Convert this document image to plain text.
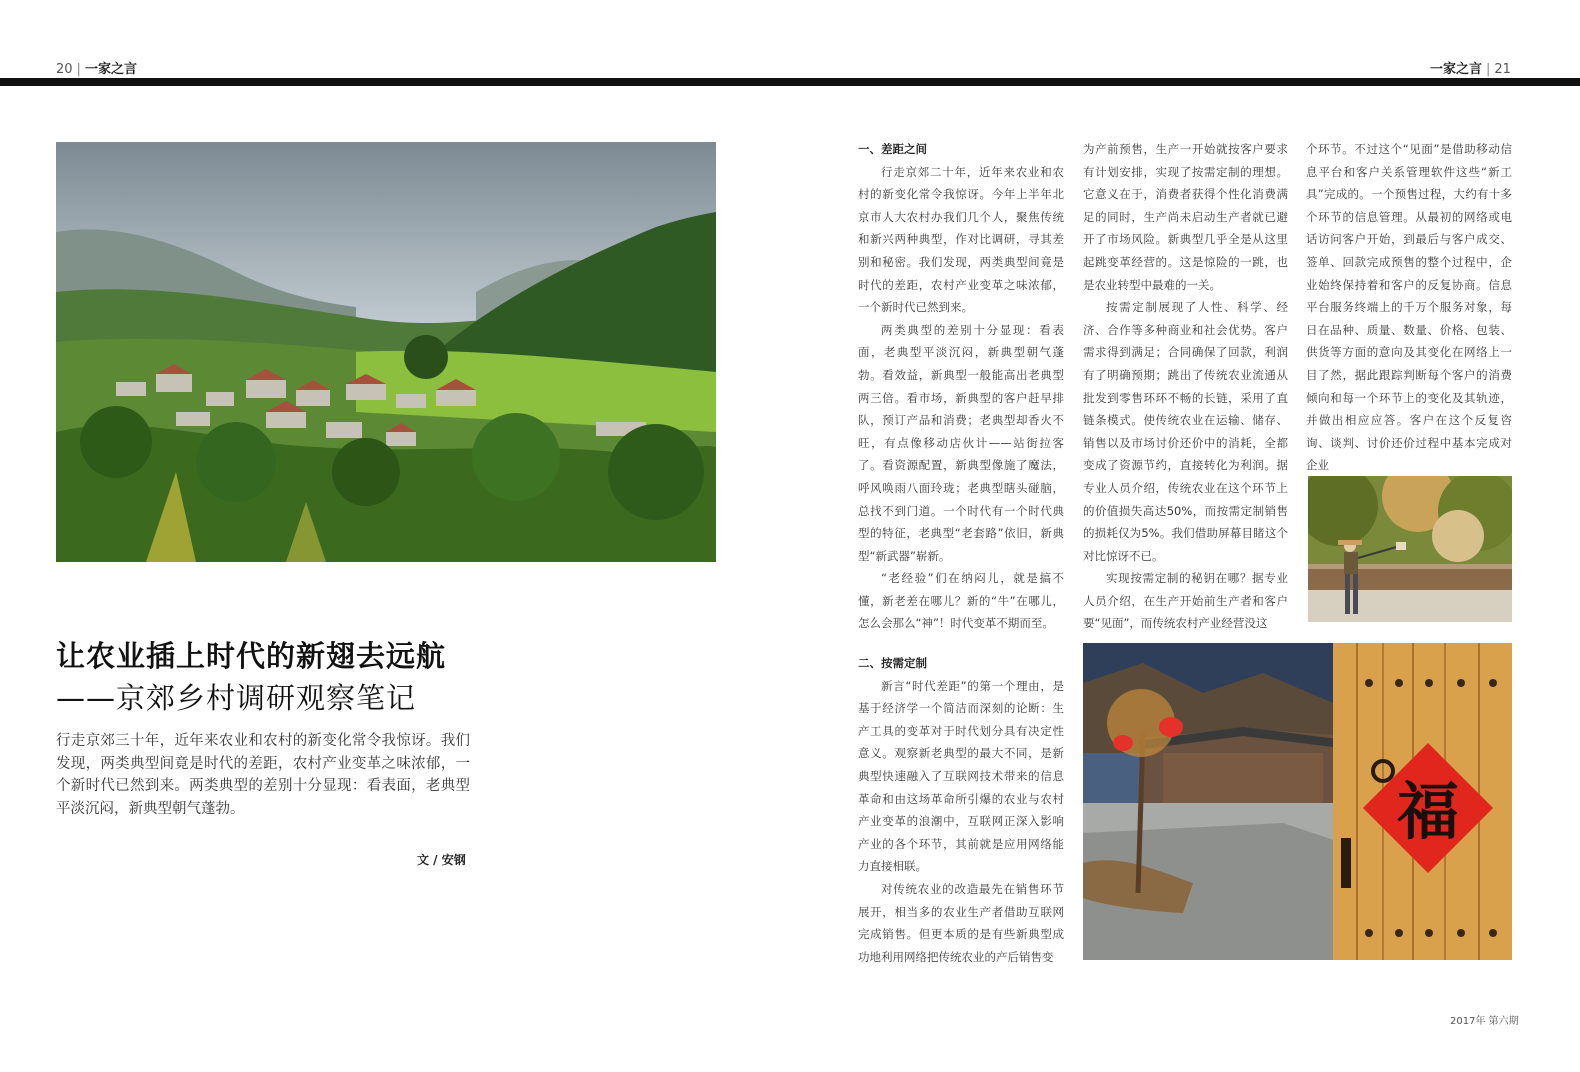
20 | 一家之言	一家之言 | 21
让农业插上时代的新翅去远航
——京郊乡村调研观察笔记

行走京郊三十年，近年来农业和农村的新变化常令我惊讶。我们发现，两类典型间竟是时代的差距，农村产业变革之味浓郁，一个新时代已然到来。两类典型的差别十分显现：看表面，老典型平淡沉闷，新典型朝气蓬勃。

文 / 安钢
一、差距之间

行走京郊二十年，近年来农业和农村的新变化常令我惊讶。今年上半年北京市人大农村办我们几个人，聚焦传统和新兴两种典型，作对比调研，寻其差别和秘密。我们发现，两类典型间竟是时代的差距，农村产业变革之味浓郁，一个新时代已然到来。

两类典型的差别十分显现：看表面，老典型平淡沉闷，新典型朝气蓬勃。看效益，新典型一般能高出老典型两三倍。看市场，新典型的客户赶早排队，预订产品和消费；老典型却香火不旺，有点像移动店伙计——站街拉客了。看资源配置，新典型像施了魔法，呼风唤雨八面玲珑；老典型瞎头碰脑，总找不到门道。一个时代有一个时代典型的特征，老典型“老套路”依旧，新典型“新武器”崭新。

“老经验”们在纳闷儿，就是搞不懂，新老差在哪儿？新的“牛”在哪儿，怎么会那么“神”！时代变革不期而至。

为产前预售，生产一开始就按客户要求有计划安排，实现了按需定制的理想。它意义在于，消费者获得个性化消费满足的同时，生产尚未启动生产者就已避开了市场风险。新典型几乎全是从这里起跳变革经营的。这是惊险的一跳，也是农业转型中最难的一关。

按需定制展现了人性、科学、经济、合作等多种商业和社会优势。客户需求得到满足；合同确保了回款，利润有了明确预期；跳出了传统农业流通从批发到零售环环不畅的长链，采用了直链条模式。使传统农业在运输、储存、销售以及市场讨价还价中的消耗，全都变成了资源节约，直接转化为利润。据专业人员介绍，传统农业在这个环节上的价值损失高达50%，而按需定制销售的损耗仅为5%。我们借助屏幕目睹这个对比惊讶不已。

实现按需定制的秘钥在哪？据专业人员介绍，在生产开始前生产者和客户要“见面”，而传统农村产业经营没这

个环节。不过这个“见面”是借助移动信息平台和客户关系管理软件这些“新工具”完成的。一个预售过程，大约有十多个环节的信息管理。从最初的网络或电话访问客户开始，到最后与客户成交、签单、回款完成预售的整个过程中，企业始终保持着和客户的反复协商。信息平台服务终端上的千万个服务对象，每日在品种、质量、数量、价格、包装、供货等方面的意向及其变化在网络上一目了然，据此跟踪判断每个客户的消费倾向和每一个环节上的变化及其轨迹，并做出相应应答。客户在这个反复咨询、谈判、讨价还价过程中基本完成对企业

二、按需定制

新言“时代差距”的第一个理由，是基于经济学一个简洁而深刻的论断：生产工具的变革对于时代划分具有决定性意义。观察新老典型的最大不同，是新典型快速融入了互联网技术带来的信息革命和由这场革命所引爆的农业与农村产业变革的浪潮中，互联网正深入影响产业的各个环节，其前就是应用网络能力直接相联。

对传统农业的改造最先在销售环节展开，相当多的农业生产者借助互联网完成销售。但更本质的是有些新典型成功地利用网络把传统农业的产后销售变

福
2017年 第六期
